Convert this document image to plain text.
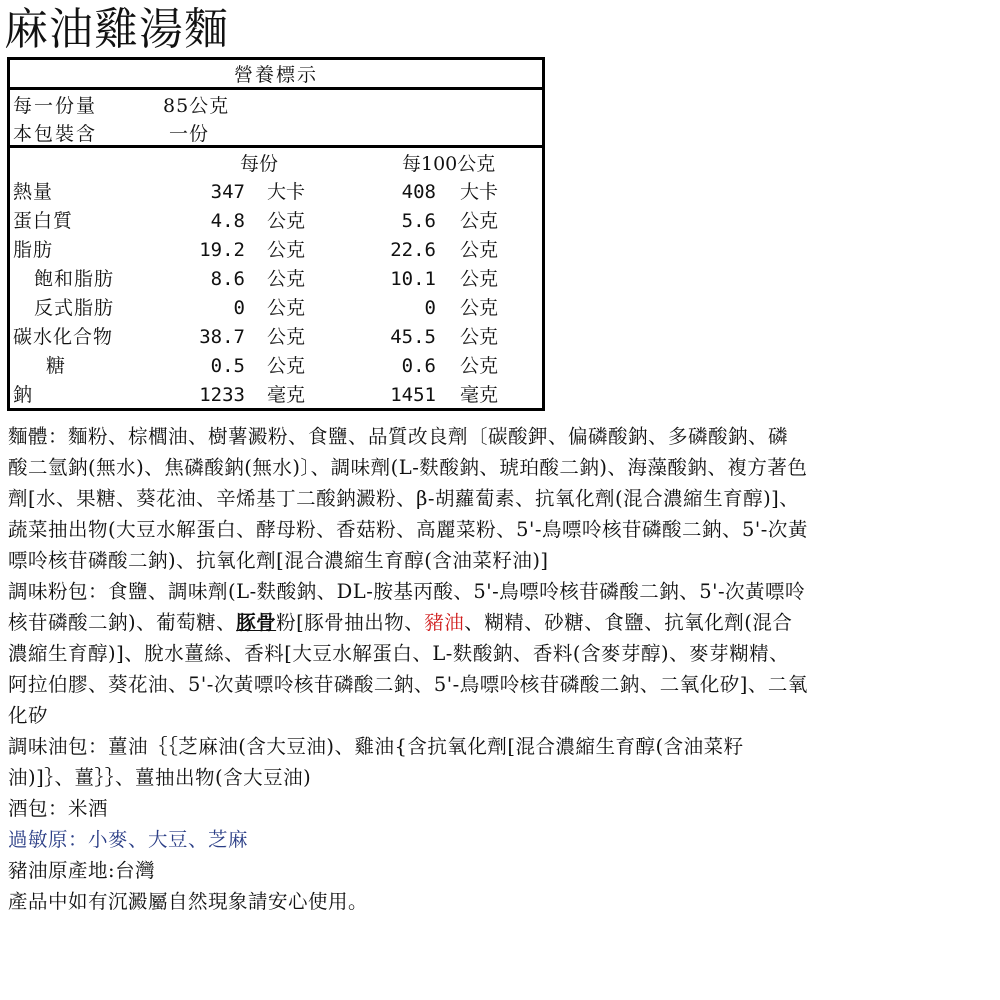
麻油雞湯麵
營養標示
每一份量	85公克
本包裝含	一份
每份	每100公克
熱量	347 大卡	408 大卡
蛋白質	4.8 公克	5.6 公克
脂肪	19.2 公克	22.6 公克
飽和脂肪	8.6 公克	10.1 公克
反式脂肪	0 公克	0 公克
碳水化合物	38.7 公克	45.5 公克
糖	0.5 公克	0.6 公克
鈉	1233 毫克	1451 毫克

麵體：麵粉、棕櫚油、樹薯澱粉、食鹽、品質改良劑〔碳酸鉀、偏磷酸鈉、多磷酸鈉、磷酸二氫鈉(無水)、焦磷酸鈉(無水)〕、調味劑(L-麩酸鈉、琥珀酸二鈉)、海藻酸鈉、複方著色劑[水、果糖、葵花油、辛烯基丁二酸鈉澱粉、β-胡蘿蔔素、抗氧化劑(混合濃縮生育醇)]、蔬菜抽出物(大豆水解蛋白、酵母粉、香菇粉、高麗菜粉、5'-鳥嘌呤核苷磷酸二鈉、5'-次黃嘌呤核苷磷酸二鈉)、抗氧化劑[混合濃縮生育醇(含油菜籽油)]

調味粉包：食鹽、調味劑(L-麩酸鈉、DL-胺基丙酸、5'-鳥嘌呤核苷磷酸二鈉、5'-次黃嘌呤核苷磷酸二鈉)、葡萄糖、豚骨粉[豚骨抽出物、豬油、糊精、砂糖、食鹽、抗氧化劑(混合濃縮生育醇)]、脫水薑絲、香料[大豆水解蛋白、L-麩酸鈉、香料(含麥芽醇)、麥芽糊精、阿拉伯膠、葵花油、5'-次黃嘌呤核苷磷酸二鈉、5'-鳥嘌呤核苷磷酸二鈉、二氧化矽]、二氧化矽

調味油包：薑油｛｛芝麻油(含大豆油)、雞油{含抗氧化劑[混合濃縮生育醇(含油菜籽油)]｝、薑｝｝、薑抽出物(含大豆油)

酒包：米酒

過敏原：小麥、大豆、芝麻

豬油原產地:台灣

產品中如有沉澱屬自然現象請安心使用。
